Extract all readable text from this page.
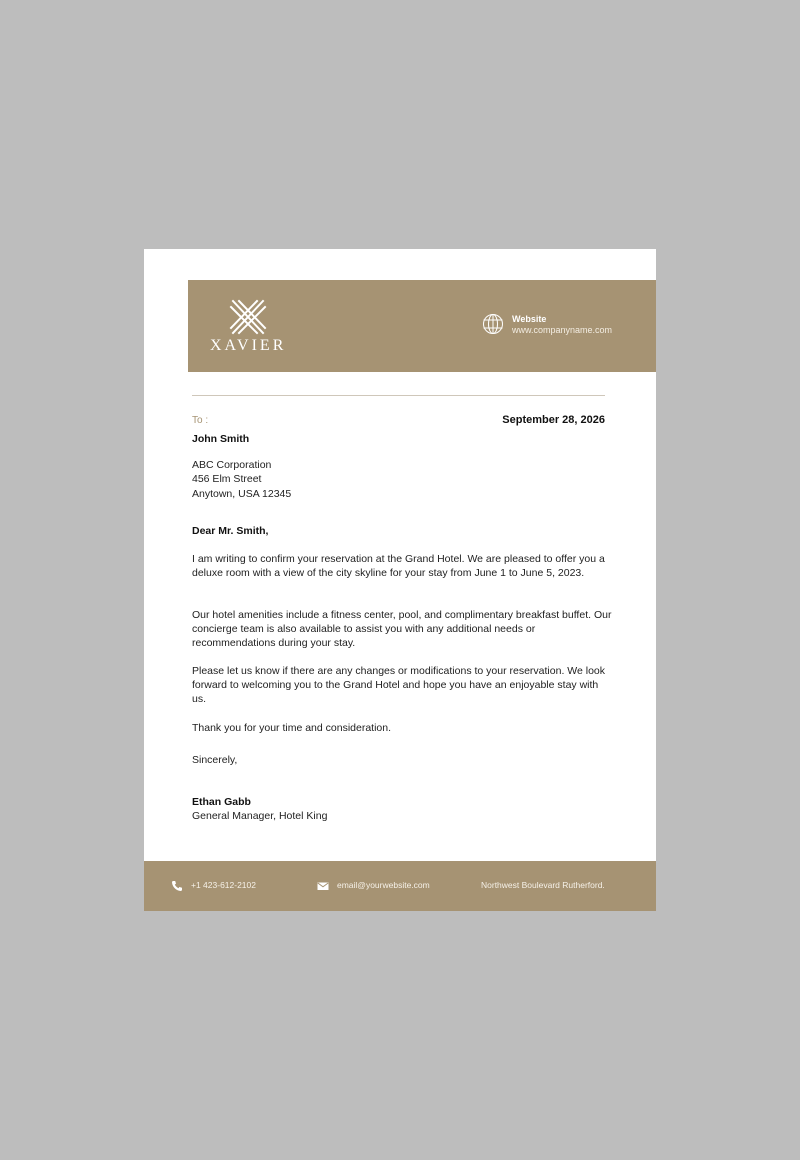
XAVIER
Website
www.companyname.com
To :	September 28, 2026
John Smith
ABC Corporation
456 Elm Street
Anytown, USA 12345
Dear Mr. Smith,

I am writing to confirm your reservation at the Grand Hotel. We are pleased to offer you a deluxe room with a view of the city skyline for your stay from June 1 to June 5, 2023.

Our hotel amenities include a fitness center, pool, and complimentary breakfast buffet. Our concierge team is also available to assist you with any additional needs or recommendations during your stay.

Please let us know if there are any changes or modifications to your reservation. We look forward to welcoming you to the Grand Hotel and hope you have an enjoyable stay with us.

Thank you for your time and consideration.

Sincerely,
Ethan Gabb
General Manager, Hotel King
+1 423-612-2102	email@yourwebsite.com	Northwest Boulevard Rutherford.
